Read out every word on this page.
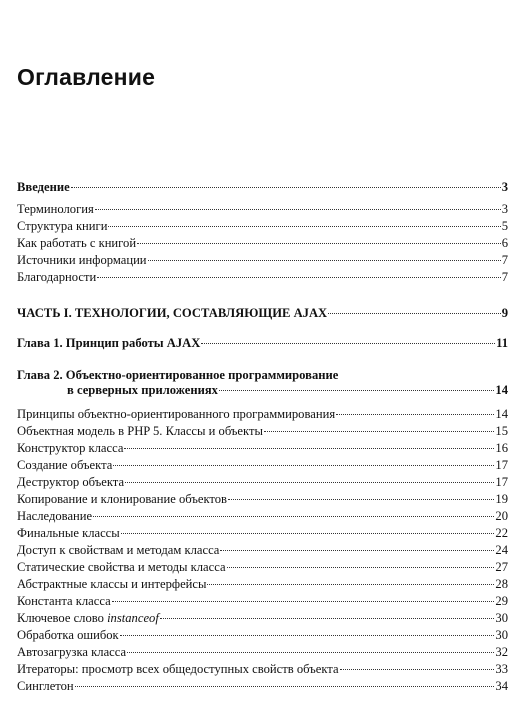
Оглавление
Введение	3
Терминология	3
Структура книги	5
Как работать с книгой	6
Источники информации	7
Благодарности	7
ЧАСТЬ I. ТЕХНОЛОГИИ, СОСТАВЛЯЮЩИЕ AJAX	9
Глава 1. Принцип работы AJAX	11
Глава 2. Объектно-ориентированное программирование
в серверных приложениях	14
Принципы объектно-ориентированного программирования	14
Объектная модель в PHP 5. Классы и объекты	15
Конструктор класса	16
Создание объекта	17
Деструктор объекта	17
Копирование и клонирование объектов	19
Наследование	20
Финальные классы	22
Доступ к свойствам и методам класса	24
Статические свойства и методы класса	27
Абстрактные классы и интерфейсы	28
Константа класса	29
Ключевое слово instanceof	30
Обработка ошибок	30
Автозагрузка класса	32
Итераторы: просмотр всех общедоступных свойств объекта	33
Синглетон	34
